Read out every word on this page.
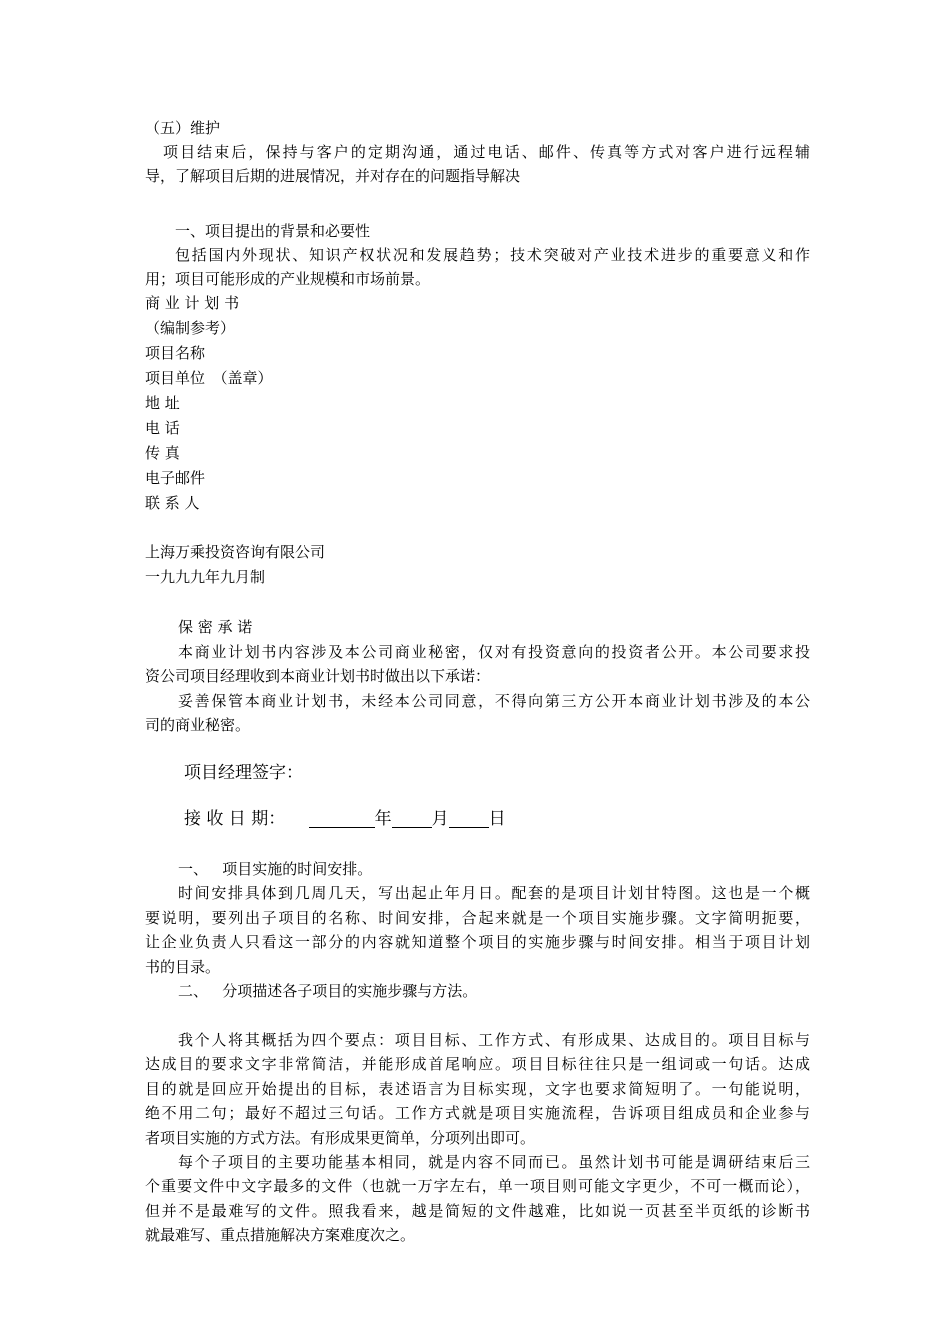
（五）维护
项目结束后，保持与客户的定期沟通，通过电话、邮件、传真等方式对客户进行远程辅
导，了解项目后期的进展情况，并对存在的问题指导解决
一、项目提出的背景和必要性
包括国内外现状、知识产权状况和发展趋势；技术突破对产业技术进步的重要意义和作
用；项目可能形成的产业规模和市场前景。
商 业 计 划 书
（编制参考）
项目名称
项目单位　（盖章）
地 址
电 话
传 真
电子邮件
联 系 人
上海万乘投资咨询有限公司
一九九九年九月制
保 密 承 诺
本商业计划书内容涉及本公司商业秘密，仅对有投资意向的投资者公开。本公司要求投
资公司项目经理收到本商业计划书时做出以下承诺：
妥善保管本商业计划书，未经本公司同意，不得向第三方公开本商业计划书涉及的本公
司的商业秘密。
项目经理签字：
接 收 日 期：	年 月 日
一、   项目实施的时间安排。
时间安排具体到几周几天，写出起止年月日。配套的是项目计划甘特图。这也是一个概
要说明，要列出子项目的名称、时间安排，合起来就是一个项目实施步骤。文字简明扼要，
让企业负责人只看这一部分的内容就知道整个项目的实施步骤与时间安排。相当于项目计划
书的目录。
二、   分项描述各子项目的实施步骤与方法。
我个人将其概括为四个要点：项目目标、工作方式、有形成果、达成目的。项目目标与
达成目的要求文字非常简洁，并能形成首尾响应。项目目标往往只是一组词或一句话。达成
目的就是回应开始提出的目标，表述语言为目标实现，文字也要求简短明了。一句能说明，
绝不用二句；最好不超过三句话。工作方式就是项目实施流程，告诉项目组成员和企业参与
者项目实施的方式方法。有形成果更简单，分项列出即可。
每个子项目的主要功能基本相同，就是内容不同而已。虽然计划书可能是调研结束后三
个重要文件中文字最多的文件（也就一万字左右，单一项目则可能文字更少，不可一概而论），
但并不是最难写的文件。照我看来，越是简短的文件越难，比如说一页甚至半页纸的诊断书
就最难写、重点措施解决方案难度次之。
